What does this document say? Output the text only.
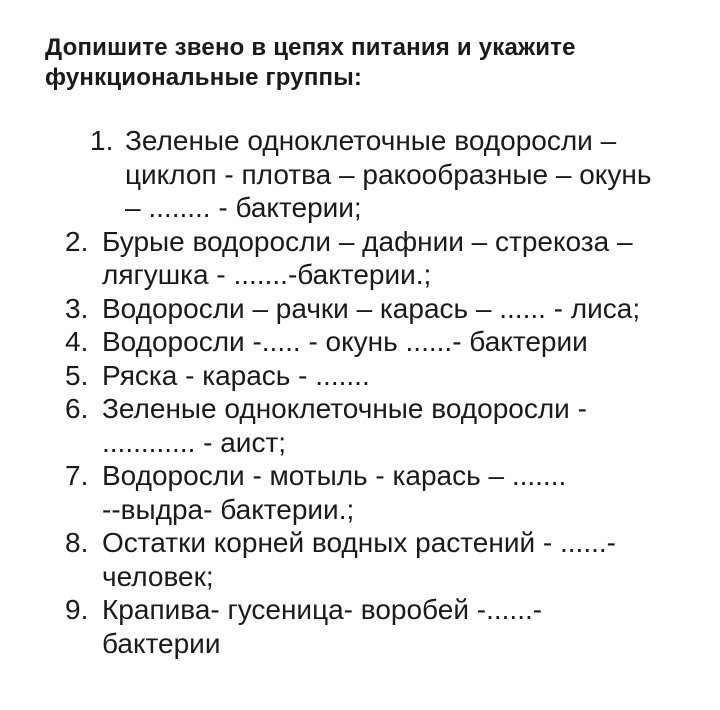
Допишите звено в цепях питания и укажите
функциональные группы:
1. Зеленые одноклеточные водоросли –
циклоп - плотва – ракообразные – окунь
– ........ - бактерии;
2. Бурые водоросли – дафнии – стрекоза –
лягушка - .......-бактерии.;
3. Водоросли – рачки – карась – ...... - лиса;
4. Водоросли -..... - окунь ......- бактерии
5. Ряска - карась - .......
6. Зеленые одноклеточные водоросли -
............ - аист;
7. Водоросли - мотыль - карась – .......
--выдра- бактерии.;
8. Остатки корней водных растений - ......-
человек;
9. Крапива- гусеница- воробей -......-
бактерии
